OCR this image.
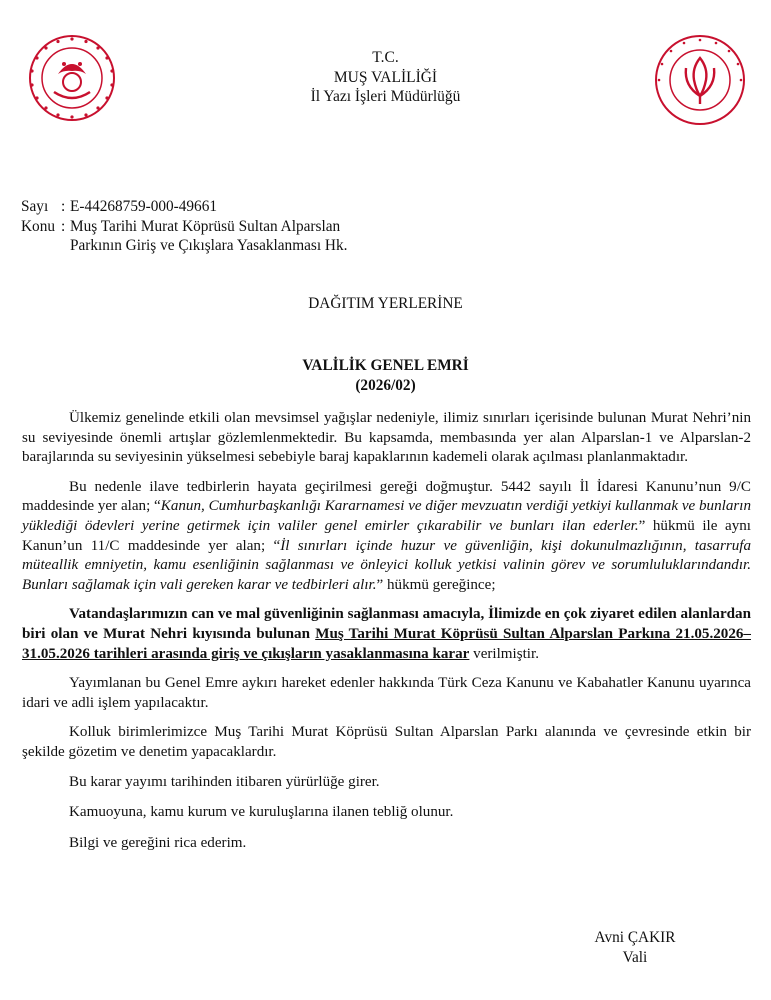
T.C.
MUŞ VALİLİĞİ
İl Yazı İşleri Müdürlüğü
Sayı : E-44268759-000-49661
Konu : Muş Tarihi Murat Köprüsü Sultan Alparslan
Parkının Giriş ve Çıkışlara Yasaklanması Hk.
DAĞITIM YERLERİNE
VALİLİK GENEL EMRİ
(2026/02)

Ülkemiz genelinde etkili olan mevsimsel yağışlar nedeniyle, ilimiz sınırları içerisinde bulunan Murat Nehri’nin su seviyesinde önemli artışlar gözlemlenmektedir. Bu kapsamda, membasında yer alan Alparslan-1 ve Alparslan-2 barajlarında su seviyesinin yükselmesi sebebiyle baraj kapaklarının kademeli olarak açılması planlanmaktadır.

Bu nedenle ilave tedbirlerin hayata geçirilmesi gereği doğmuştur. 5442 sayılı İl İdaresi Kanunu’nun 9/C maddesinde yer alan; “Kanun, Cumhurbaşkanlığı Kararnamesi ve diğer mevzuatın verdiği yetkiyi kullanmak ve bunların yüklediği ödevleri yerine getirmek için valiler genel emirler çıkarabilir ve bunları ilan ederler.” hükmü ile aynı Kanun’un 11/C maddesinde yer alan; “İl sınırları içinde huzur ve güvenliğin, kişi dokunulmazlığının, tasarrufa müteallik emniyetin, kamu esenliğinin sağlanması ve önleyici kolluk yetkisi valinin görev ve sorumluluklarındandır. Bunları sağlamak için vali gereken karar ve tedbirleri alır.” hükmü gereğince;

Vatandaşlarımızın can ve mal güvenliğinin sağlanması amacıyla, İlimizde en çok ziyaret edilen alanlardan biri olan ve Murat Nehri kıyısında bulunan Muş Tarihi Murat Köprüsü Sultan Alparslan Parkına 21.05.2026–31.05.2026 tarihleri arasında giriş ve çıkışların yasaklanmasına karar verilmiştir.

Yayımlanan bu Genel Emre aykırı hareket edenler hakkında Türk Ceza Kanunu ve Kabahatler Kanunu uyarınca idari ve adli işlem yapılacaktır.

Kolluk birimlerimizce Muş Tarihi Murat Köprüsü Sultan Alparslan Parkı alanında ve çevresinde etkin bir şekilde gözetim ve denetim yapacaklardır.

Bu karar yayımı tarihinden itibaren yürürlüğe girer.

Kamuoyuna, kamu kurum ve kuruluşlarına ilanen tebliğ olunur.

Bilgi ve gereğini rica ederim.

Avni ÇAKIR
Vali
